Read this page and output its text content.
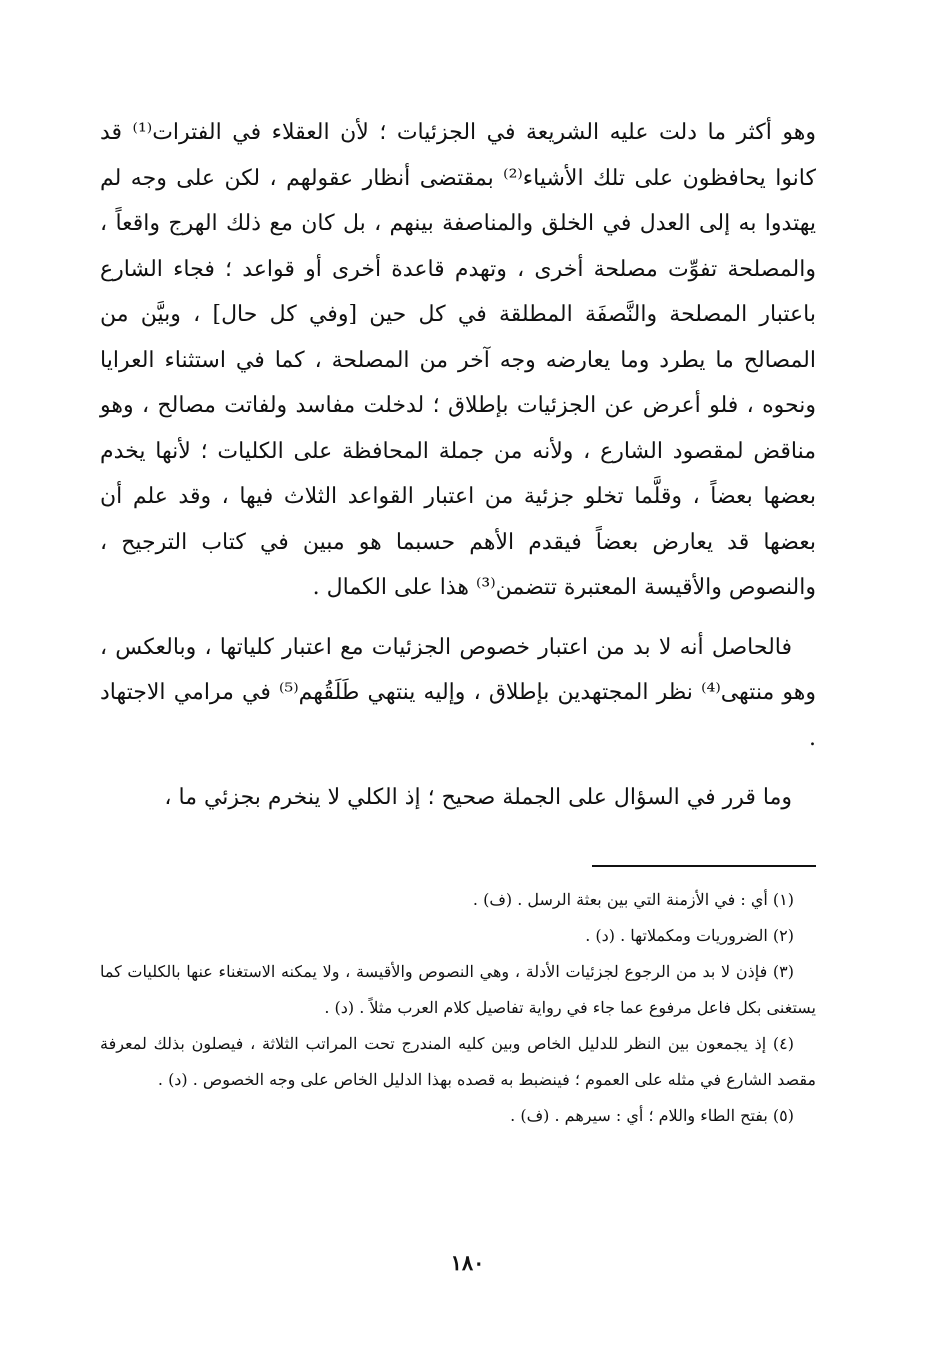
وهو أكثر ما دلت عليه الشريعة في الجزئيات ؛ لأن العقلاء في الفترات⁽¹⁾ قد كانوا يحافظون على تلك الأشياء⁽²⁾ بمقتضى أنظار عقولهم ، لكن على وجه لم يهتدوا به إلى العدل في الخلق والمناصفة بينهم ، بل كان مع ذلك الهرج واقعاً ، والمصلحة تفوِّت مصلحة أخرى ، وتهدم قاعدة أخرى أو قواعد ؛ فجاء الشارع باعتبار المصلحة والنَّصفَة المطلقة في كل حين [وفي كل حال] ، وبيَّن من المصالح ما يطرد وما يعارضه وجه آخر من المصلحة ، كما في استثناء العرايا ونحوه ، فلو أعرض عن الجزئيات بإطلاق ؛ لدخلت مفاسد ولفاتت مصالح ، وهو مناقض لمقصود الشارع ، ولأنه من جملة المحافظة على الكليات ؛ لأنها يخدم بعضها بعضاً ، وقلَّما تخلو جزئية من اعتبار القواعد الثلاث فيها ، وقد علم أن بعضها قد يعارض بعضاً فيقدم الأهم حسبما هو مبين في كتاب الترجيح ، والنصوص والأقيسة المعتبرة تتضمن⁽³⁾ هذا على الكمال .

فالحاصل أنه لا بد من اعتبار خصوص الجزئيات مع اعتبار كلياتها ، وبالعكس ، وهو منتهى⁽⁴⁾ نظر المجتهدين بإطلاق ، وإليه ينتهي طَلَقُهم⁽⁵⁾ في مرامي الاجتهاد .

وما قرر في السؤال على الجملة صحيح ؛ إذ الكلي لا ينخرم بجزئي ما ،

(١) أي : في الأزمنة التي بين بعثة الرسل . (ف) .

(٢) الضروريات ومكملاتها . (د) .

(٣) فإذن لا بد من الرجوع لجزئيات الأدلة ، وهي النصوص والأقيسة ، ولا يمكنه الاستغناء عنها بالكليات كما يستغنى بكل فاعل مرفوع عما جاء في رواية تفاصيل كلام العرب مثلاً . (د) .

(٤) إذ يجمعون بين النظر للدليل الخاص وبين كليه المندرج تحت المراتب الثلاثة ، فيصلون بذلك لمعرفة مقصد الشارع في مثله على العموم ؛ فينضبط به قصده بهذا الدليل الخاص على وجه الخصوص . (د) .

(٥) بفتح الطاء واللام ؛ أي : سيرهم . (ف) .

١٨٠
